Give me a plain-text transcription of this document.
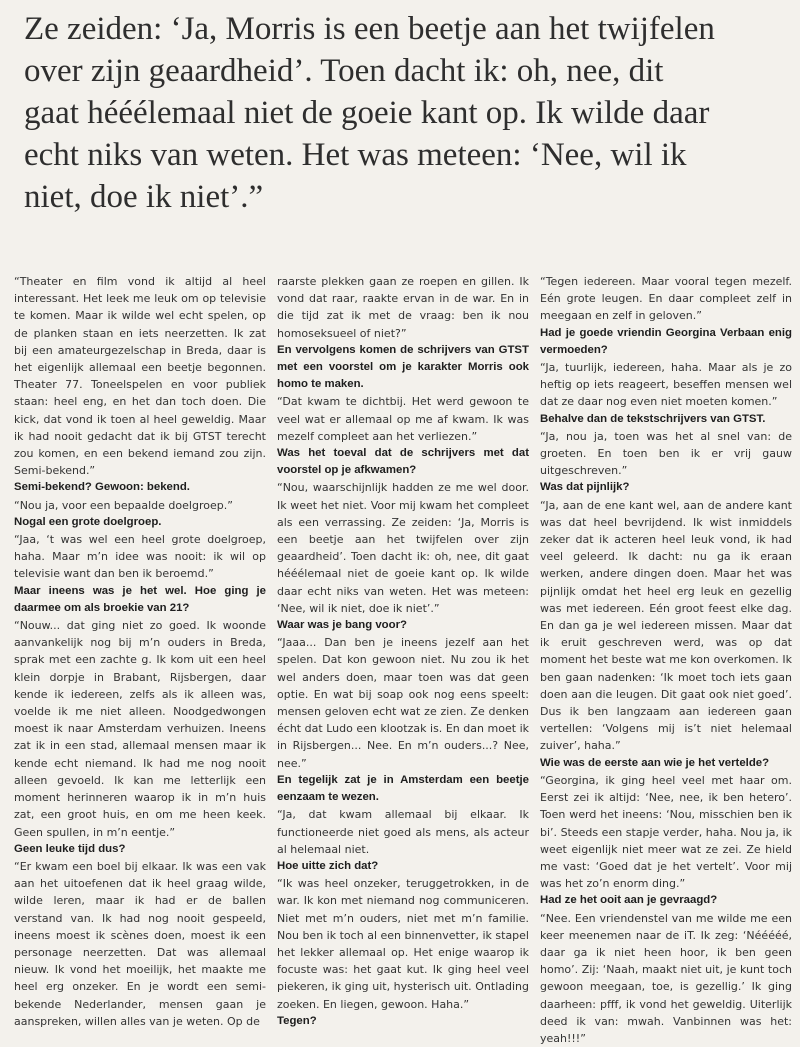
Ze zeiden: ‘Ja, Morris is een beetje aan het twijfelen
over zijn geaardheid’. Toen dacht ik: oh, nee, dit
gaat hééélemaal niet de goeie kant op. Ik wilde daar
echt niks van weten. Het was meteen: ‘Nee, wil ik
niet, doe ik niet’.”

“Theater en film vond ik altijd al heel interessant. Het leek me leuk om op televisie te komen. Maar ik wilde wel echt spelen, op de planken staan en iets neerzetten. Ik zat bij een amateurgezelschap in Breda, daar is het eigenlijk allemaal een beetje begonnen. Theater 77. Toneelspelen en voor publiek staan: heel eng, en het dan toch doen. Die kick, dat vond ik toen al heel geweldig. Maar ik had nooit gedacht dat ik bij GTST terecht zou komen, en een bekend iemand zou zijn. Semi-bekend.”

Semi-bekend? Gewoon: bekend.

“Nou ja, voor een bepaalde doelgroep.”

Nogal een grote doelgroep.

“Jaa, ‘t was wel een heel grote doelgroep, haha. Maar m’n idee was nooit: ik wil op televisie want dan ben ik beroemd.”

Maar ineens was je het wel. Hoe ging je daarmee om als broekie van 21?

“Nouw... dat ging niet zo goed. Ik woonde aanvankelijk nog bij m’n ouders in Breda, sprak met een zachte g. Ik kom uit een heel klein dorpje in Brabant, Rijsbergen, daar kende ik iedereen, zelfs als ik alleen was, voelde ik me niet alleen. Noodgedwongen moest ik naar Amsterdam verhuizen. Ineens zat ik in een stad, allemaal mensen maar ik kende echt niemand. Ik had me nog nooit alleen gevoeld. Ik kan me letterlijk een moment herinneren waarop ik in m’n huis zat, een groot huis, en om me heen keek. Geen spullen, in m’n eentje.”

Geen leuke tijd dus?

“Er kwam een boel bij elkaar. Ik was een vak aan het uitoefenen dat ik heel graag wilde, wilde leren, maar ik had er de ballen verstand van. Ik had nog nooit gespeeld, ineens moest ik scènes doen, moest ik een personage neerzetten. Dat was allemaal nieuw. Ik vond het moeilijk, het maakte me heel erg onzeker. En je wordt een semi-bekende Nederlander, mensen gaan je aanspreken, willen alles van je weten. Op de

raarste plekken gaan ze roepen en gillen. Ik vond dat raar, raakte ervan in de war. En in die tijd zat ik met de vraag: ben ik nou homoseksueel of niet?”

En vervolgens komen de schrijvers van GTST met een voorstel om je karakter Morris ook homo te maken.

“Dat kwam te dichtbij. Het werd gewoon te veel wat er allemaal op me af kwam. Ik was mezelf compleet aan het verliezen.”

Was het toeval dat de schrijvers met dat voorstel op je afkwamen?

“Nou, waarschijnlijk hadden ze me wel door. Ik weet het niet. Voor mij kwam het compleet als een verrassing. Ze zeiden: ‘Ja, Morris is een beetje aan het twijfelen over zijn geaardheid’. Toen dacht ik: oh, nee, dit gaat hééélemaal niet de goeie kant op. Ik wilde daar echt niks van weten. Het was meteen: ‘Nee, wil ik niet, doe ik niet’.”

Waar was je bang voor?

“Jaaa... Dan ben je ineens jezelf aan het spelen. Dat kon gewoon niet. Nu zou ik het wel anders doen, maar toen was dat geen optie. En wat bij soap ook nog eens speelt: mensen geloven echt wat ze zien. Ze denken écht dat Ludo een klootzak is. En dan moet ik in Rijsbergen... Nee. En m’n ouders...? Nee, nee.”

En tegelijk zat je in Amsterdam een beetje eenzaam te wezen.

“Ja, dat kwam allemaal bij elkaar. Ik functioneerde niet goed als mens, als acteur al helemaal niet.

Hoe uitte zich dat?

“Ik was heel onzeker, teruggetrokken, in de war. Ik kon met niemand nog communiceren. Niet met m’n ouders, niet met m’n familie. Nou ben ik toch al een binnenvetter, ik stapel het lekker allemaal op. Het enige waarop ik focuste was: het gaat kut. Ik ging heel veel piekeren, ik ging uit, hysterisch uit. Ontlading zoeken. En liegen, gewoon. Haha.”

Tegen?

“Tegen iedereen. Maar vooral tegen mezelf. Eén grote leugen. En daar compleet zelf in meegaan en zelf in geloven.”

Had je goede vriendin Georgina Verbaan enig vermoeden?

“Ja, tuurlijk, iedereen, haha. Maar als je zo heftig op iets reageert, beseffen mensen wel dat ze daar nog even niet moeten komen.”

Behalve dan de tekstschrijvers van GTST.

“Ja, nou ja, toen was het al snel van: de groeten. En toen ben ik er vrij gauw uitgeschreven.”

Was dat pijnlijk?

“Ja, aan de ene kant wel, aan de andere kant was dat heel bevrijdend. Ik wist inmiddels zeker dat ik acteren heel leuk vond, ik had veel geleerd. Ik dacht: nu ga ik eraan werken, andere dingen doen. Maar het was pijnlijk omdat het heel erg leuk en gezellig was met iedereen. Eén groot feest elke dag. En dan ga je wel iedereen missen. Maar dat ik eruit geschreven werd, was op dat moment het beste wat me kon overkomen. Ik ben gaan nadenken: ‘Ik moet toch iets gaan doen aan die leugen. Dit gaat ook niet goed’. Dus ik ben langzaam aan iedereen gaan vertellen: ‘Volgens mij is’t niet helemaal zuiver’, haha.”

Wie was de eerste aan wie je het vertelde?

“Georgina, ik ging heel veel met haar om. Eerst zei ik altijd: ‘Nee, nee, ik ben hetero’. Toen werd het ineens: ‘Nou, misschien ben ik bi’. Steeds een stapje verder, haha. Nou ja, ik weet eigenlijk niet meer wat ze zei. Ze hield me vast: ‘Goed dat je het vertelt’. Voor mij was het zo’n enorm ding.”

Had ze het ooit aan je gevraagd?

“Nee. Een vriendenstel van me wilde me een keer meenemen naar de iT. Ik zeg: ‘Nééééé, daar ga ik niet heen hoor, ik ben geen homo’. Zij: ‘Naah, maakt niet uit, je kunt toch gewoon meegaan, toe, is gezellig.’ Ik ging daarheen: pfff, ik vond het geweldig. Uiterlijk deed ik van: mwah. Vanbinnen was het: yeah!!!”
